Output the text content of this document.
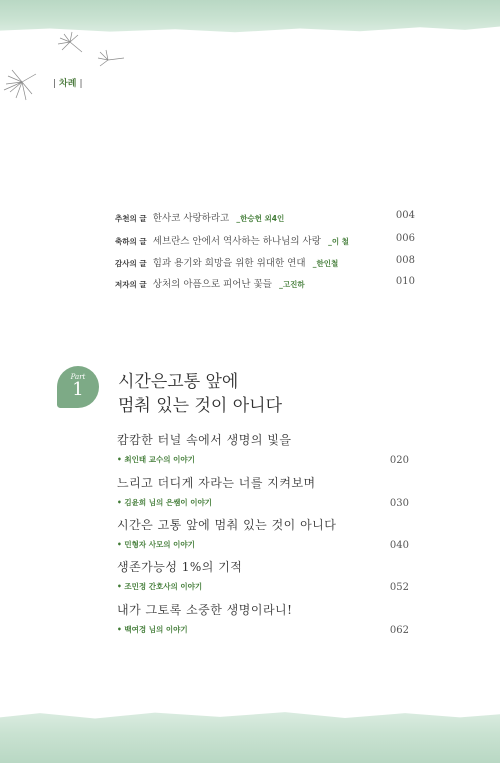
| 차례 |
추천의 글 한사코 사랑하라고 _한승헌 외4인	004
축하의 글 세브란스 안에서 역사하는 하나님의 사랑 _이 철	006
감사의 글 힘과 용기와 희망을 위한 위대한 연대 _한인철	008
저자의 글 상처의 아픔으로 피어난 꽃들 _고진하	010
Part
1	시간은고통 앞에
멈춰 있는 것이 아니다
캄캄한 터널 속에서 생명의 빛을
• 최인태 교수의 이야기	020
느리고 더디게 자라는 너를 지켜보며
• 김윤희 님의 은쌤이 이야기	030
시간은 고통 앞에 멈춰 있는 것이 아니다
• 민형자 사모의 이야기	040
생존가능성 1%의 기적
• 조민정 간호사의 이야기	052
내가 그토록 소중한 생명이라니!
• 백여경 님의 이야기	062
